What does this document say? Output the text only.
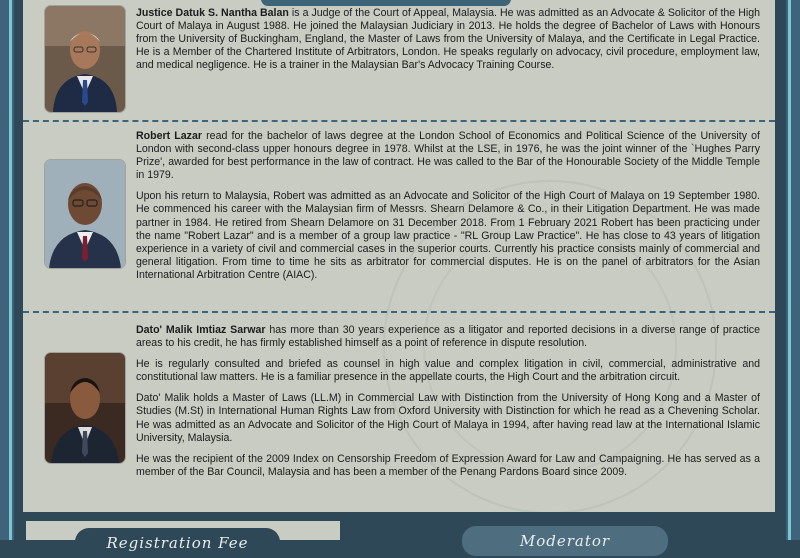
Justice Datuk S. Nantha Balan is a Judge of the Court of Appeal, Malaysia. He was admitted as an Advocate & Solicitor of the High Court of Malaya in August 1988. He joined the Malaysian Judiciary in 2013. He holds the degree of Bachelor of Laws with Honours from the University of Buckingham, England, the Master of Laws from the University of Malaya, and the Certificate in Legal Practice. He is a Member of the Chartered Institute of Arbitrators, London. He speaks regularly on advocacy, civil procedure, employment law, and medical negligence. He is a trainer in the Malaysian Bar's Advocacy Training Course.

Robert Lazar read for the bachelor of laws degree at the London School of Economics and Political Science of the University of London with second-class upper honours degree in 1978. Whilst at the LSE, in 1976, he was the joint winner of the `Hughes Parry Prize', awarded for best performance in the law of contract. He was called to the Bar of the Honourable Society of the Middle Temple in 1979.

Upon his return to Malaysia, Robert was admitted as an Advocate and Solicitor of the High Court of Malaya on 19 September 1980. He commenced his career with the Malaysian firm of Messrs. Shearn Delamore & Co., in their Litigation Department. He was made partner in 1984. He retired from Shearn Delamore on 31 December 2018. From 1 February 2021 Robert has been practicing under the name "Robert Lazar" and is a member of a group law practice - "RL Group Law Practice". He has close to 43 years of litigation experience in a variety of civil and commercial cases in the superior courts. Currently his practice consists mainly of commercial and general litigation. From time to time he sits as arbitrator for commercial disputes. He is on the panel of arbitrators for the Asian International Arbitration Centre (AIAC).

Dato' Malik Imtiaz Sarwar has more than 30 years experience as a litigator and reported decisions in a diverse range of practice areas to his credit, he has firmly established himself as a point of reference in dispute resolution.

He is regularly consulted and briefed as counsel in high value and complex litigation in civil, commercial, administrative and constitutional law matters. He is a familiar presence in the appellate courts, the High Court and the arbitration circuit.

Dato' Malik holds a Master of Laws (LL.M) in Commercial Law with Distinction from the University of Hong Kong and a Master of Studies (M.St) in International Human Rights Law from Oxford University with Distinction for which he read as a Chevening Scholar. He was admitted as an Advocate and Solicitor of the High Court of Malaya in 1994, after having read law at the International Islamic University, Malaysia.

He was the recipient of the 2009 Index on Censorship Freedom of Expression Award for Law and Campaigning. He has served as a member of the Bar Council, Malaysia and has been a member of the Penang Pardons Board since 2009.

Registration Fee	Moderator
